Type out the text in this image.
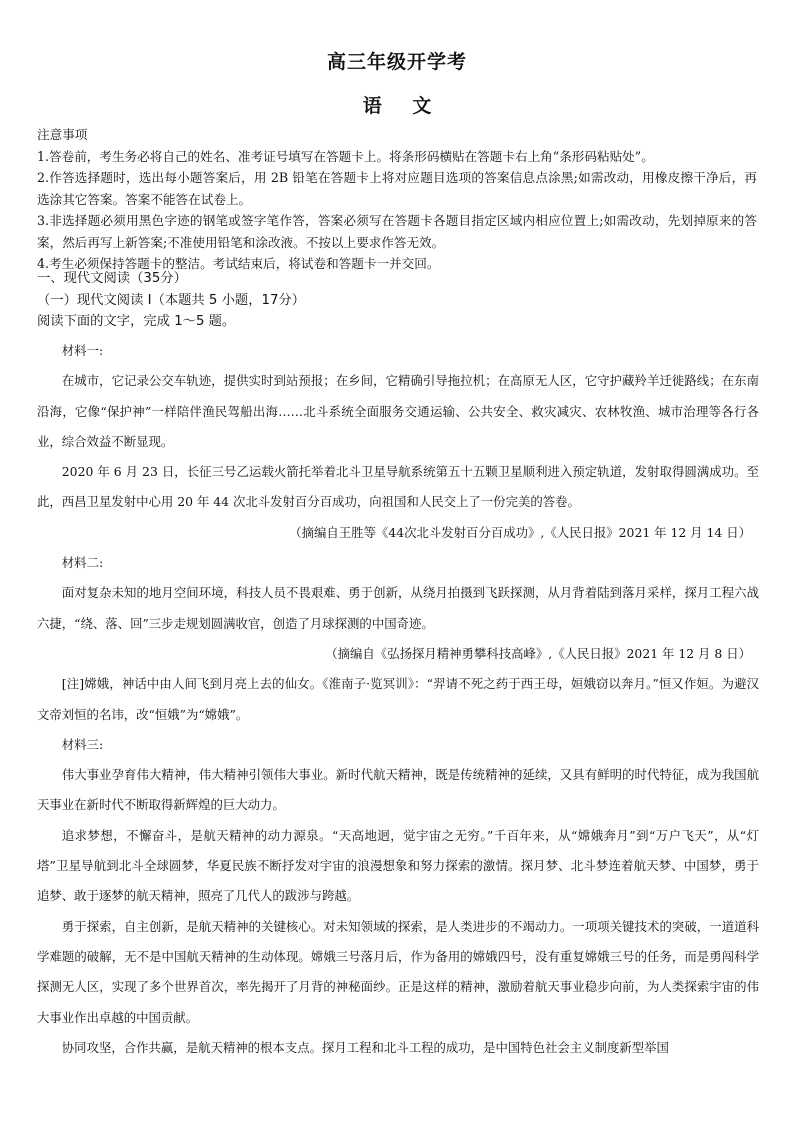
高三年级开学考
语 文

注意事项

1.答卷前，考生务必将自己的姓名、准考证号填写在答题卡上。将条形码横贴在答题卡右上角“条形码粘贴处”。

2.作答选择题时，选出每小题答案后，用 2B 铅笔在答题卡上将对应题目选项的答案信息点涂黑;如需改动，用橡皮擦干净后，再选涂其它答案。答案不能答在试卷上。

3.非选择题必须用黑色字迹的钢笔或签字笔作答，答案必须写在答题卡各题目指定区域内相应位置上;如需改动，先划掉原来的答案，然后再写上新答案;不准使用铅笔和涂改液。不按以上要求作答无效。

4.考生必须保持答题卡的整洁。考试结束后，将试卷和答题卡一并交回。

一、现代文阅读（35分）

（一）现代文阅读 I（本题共 5 小题，17分）

阅读下面的文字，完成 1～5 题。

材料一:

在城市，它记录公交车轨迹，提供实时到站预报；在乡间，它精确引导拖拉机；在高原无人区，它守护藏羚羊迁徙路线；在东南沿海，它像“保护神”一样陪伴渔民驾船出海……北斗系统全面服务交通运输、公共安全、救灾减灾、农林牧渔、城市治理等各行各业，综合效益不断显现。

2020 年 6 月 23 日，长征三号乙运载火箭托举着北斗卫星导航系统第五十五颗卫星顺利进入预定轨道，发射取得圆满成功。至此，西昌卫星发射中心用 20 年 44 次北斗发射百分百成功，向祖国和人民交上了一份完美的答卷。

（摘编自王胜等《44次北斗发射百分百成功》,《人民日报》2021 年 12 月 14 日）

材料二:

面对复杂未知的地月空间环境，科技人员不畏艰难、勇于创新，从绕月拍摄到飞跃探测，从月背着陆到落月采样，探月工程六战六捷，“绕、落、回”三步走规划圆满收官，创造了月球探测的中国奇迹。

（摘编自《弘扬探月精神勇攀科技高峰》,《人民日报》2021 年 12 月 8 日）

[注]嫦娥，神话中由人间飞到月亮上去的仙女。《淮南子·览冥训》：“羿请不死之药于西王母，姮娥窃以奔月。”恒又作姮。为避汉文帝刘恒的名讳，改“恒娥”为“嫦娥”。

材料三:

伟大事业孕育伟大精神，伟大精神引领伟大事业。新时代航天精神，既是传统精神的延续，又具有鲜明的时代特征，成为我国航天事业在新时代不断取得新辉煌的巨大动力。

追求梦想，不懈奋斗，是航天精神的动力源泉。“天高地迥，觉宇宙之无穷。”千百年来，从“嫦娥奔月”到“万户飞天”，从“灯塔”卫星导航到北斗全球圆梦，华夏民族不断抒发对宇宙的浪漫想象和努力探索的激情。探月梦、北斗梦连着航天梦、中国梦，勇于追梦、敢于逐梦的航天精神，照亮了几代人的跋涉与跨越。

勇于探索，自主创新，是航天精神的关键核心。对未知领域的探索，是人类进步的不竭动力。一项项关键技术的突破，一道道科学难题的破解，无不是中国航天精神的生动体现。嫦娥三号落月后，作为备用的嫦娥四号，没有重复嫦娥三号的任务，而是勇闯科学探测无人区，实现了多个世界首次，率先揭开了月背的神秘面纱。正是这样的精神，激励着航天事业稳步向前，为人类探索宇宙的伟大事业作出卓越的中国贡献。

协同攻坚，合作共赢，是航天精神的根本支点。探月工程和北斗工程的成功，是中国特色社会主义制度新型举国
